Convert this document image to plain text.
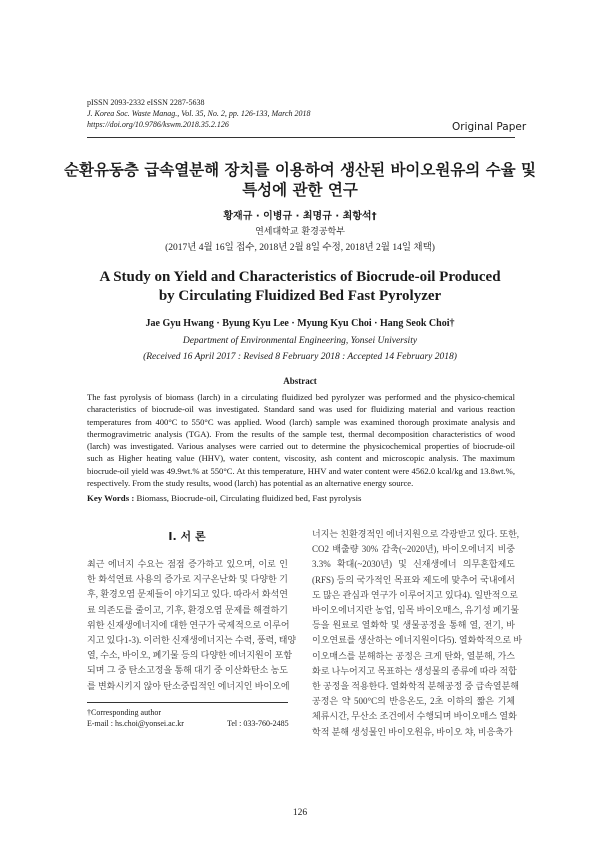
pISSN 2093-2332 eISSN 2287-5638
J. Korea Soc. Waste Manag., Vol. 35, No. 2, pp. 126-133, March 2018
https://doi.org/10.9786/kswm.2018.35.2.126	Original Paper
순환유동층 급속열분해 장치를 이용하여 생산된 바이오원유의 수율 및
특성에 관한 연구
황재규 · 이병규 · 최명규 · 최항석†
연세대학교 환경공학부
(2017년 4월 16일 접수, 2018년 2월 8일 수정, 2018년 2월 14일 채택)
A Study on Yield and Characteristics of Biocrude-oil Produced
by Circulating Fluidized Bed Fast Pyrolyzer
Jae Gyu Hwang · Byung Kyu Lee · Myung Kyu Choi · Hang Seok Choi†
Department of Environmental Engineering, Yonsei University
(Received 16 April 2017 : Revised 8 February 2018 : Accepted 14 February 2018)
Abstract
The fast pyrolysis of biomass (larch) in a circulating fluidized bed pyrolyzer was performed and the physico-chemical
characteristics of biocrude-oil was investigated. Standard sand was used for fluidizing material and various reaction
temperatures from 400°C to 550°C was applied. Wood (larch) sample was examined thorough proximate analysis and
thermogravimetric analysis (TGA). From the results of the sample test, thermal decomposition characteristics of wood
(larch) was investigated. Various analyses were carried out to determine the physicochemical properties of biocrude-oil
such as Higher heating value (HHV), water content, viscosity, ash content and microscopic analysis. The maximum
biocrude-oil yield was 49.9wt.% at 550°C. At this temperature, HHV and water content were 4562.0 kcal/kg and 13.8wt.%,
respectively. From the study results, wood (larch) has potential as an alternative energy source.
Key Words : Biomass, Biocrude-oil, Circulating fluidized bed, Fast pyrolysis
I. 서 론
최근 에너지 수요는 점점 증가하고 있으며, 이로 인
한 화석연료 사용의 증가로 지구온난화 및 다양한 기
후, 환경오염 문제들이 야기되고 있다. 따라서 화석연
료 의존도를 줄이고, 기후, 환경오염 문제를 해결하기
위한 신재생에너지에 대한 연구가 국제적으로 이루어
지고 있다1-3). 이러한 신재생에너지는 수력, 풍력, 태양
열, 수소, 바이오, 폐기물 등의 다양한 에너지원이 포함
되며 그 중 탄소고정을 통해 대기 중 이산화탄소 농도
를 변화시키지 않아 탄소중립적인 에너지인 바이오에
너지는 친환경적인 에너지원으로 각광받고 있다. 또한,
CO2 배출량 30% 감축(~2020년), 바이오에너지 비중
3.3% 확대(~2030년) 및 신재생에너 의무혼합제도
(RFS) 등의 국가적인 목표와 제도에 맞추어 국내에서
도 많은 관심과 연구가 이루어지고 있다4). 일반적으로
바이오에너지란 농업, 임목 바이오매스, 유기성 폐기물
등을 원료로 열화학 및 생물공정을 통해 열, 전기, 바
이오연료를 생산하는 에너지원이다5). 열화학적으로 바
이오매스를 분해하는 공정은 크게 탄화, 열분해, 가스
화로 나누어지고 목표하는 생성물의 종류에 따라 적합
한 공정을 적용한다. 열화학적 분해공정 중 급속열분해
공정은 약 500°C의 반응온도, 2초 이하의 짧은 기체
체류시간, 무산소 조건에서 수행되며 바이오매스 열화
학적 분해 생성물인 바이오원유, 바이오 챠, 비응축가
†Corresponding author
E-mail : hs.choi@yonsei.ac.kr	Tel : 033-760-2485
126
